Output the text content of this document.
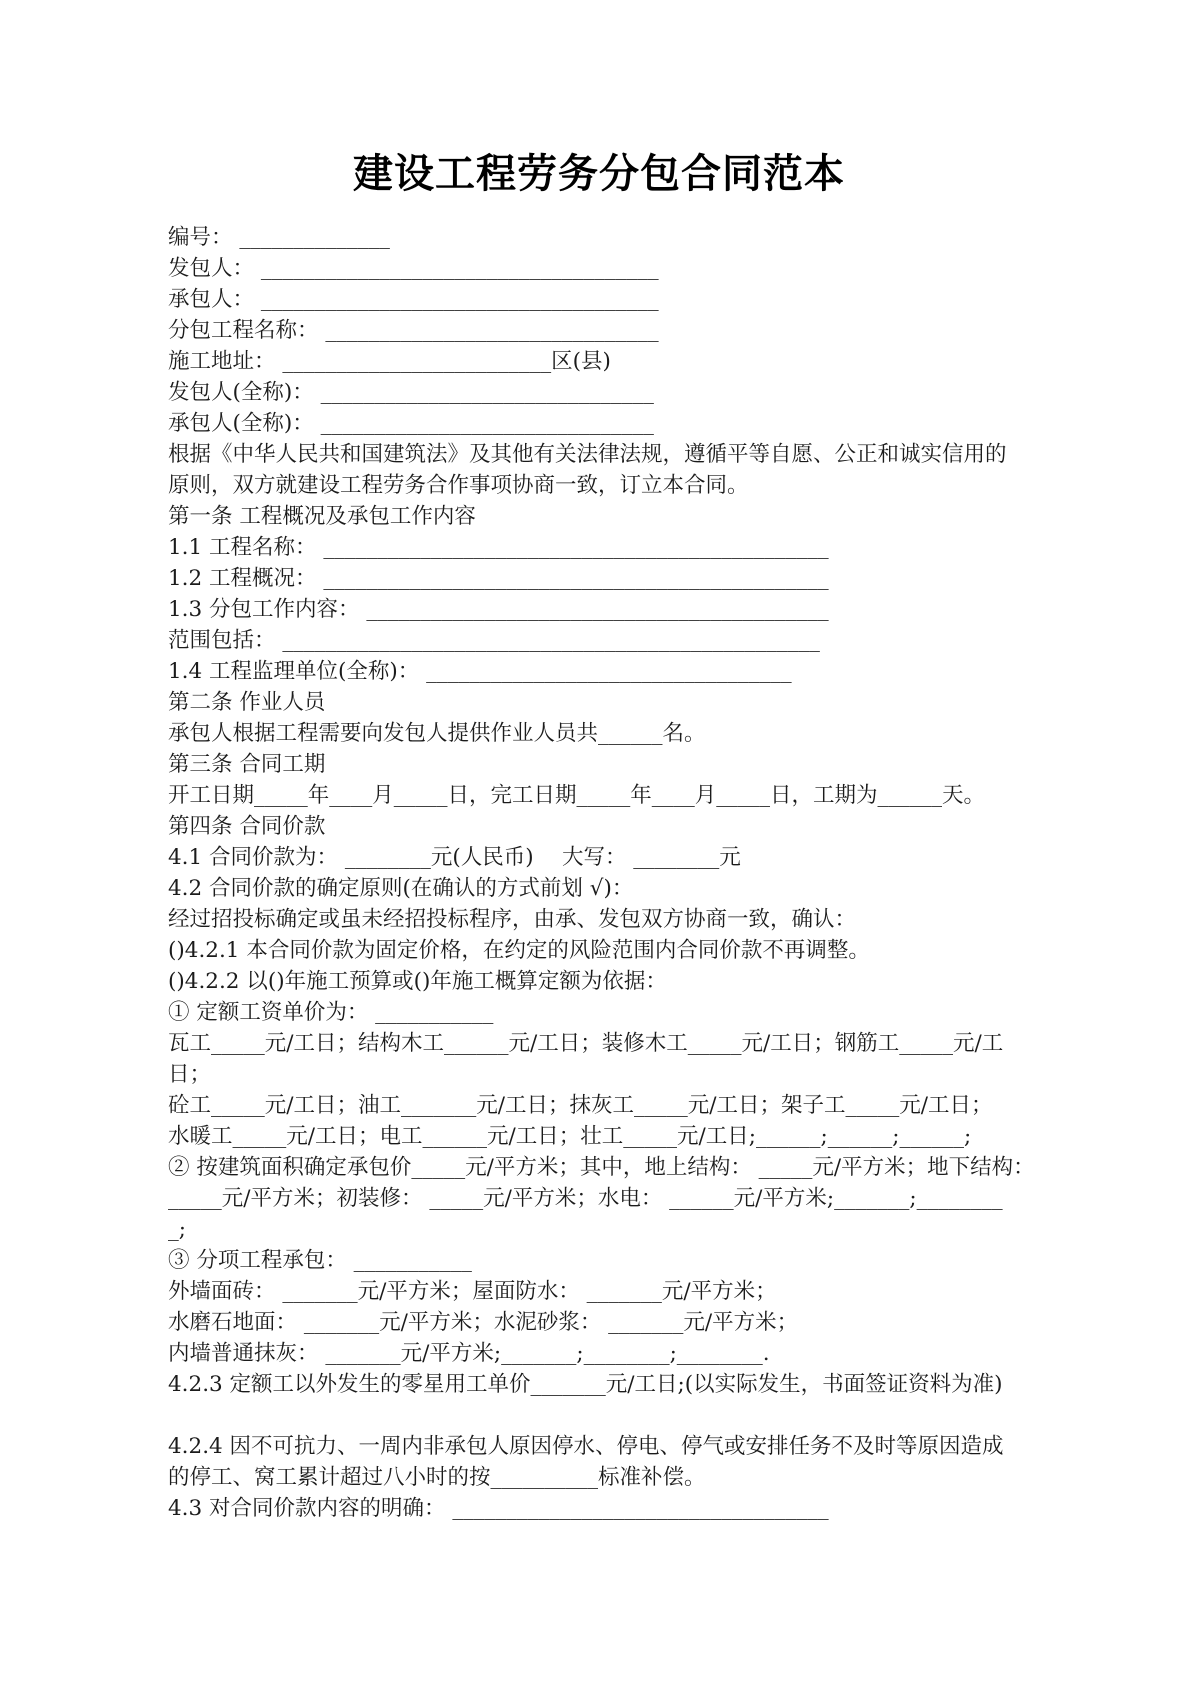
建设工程劳务分包合同范本
编号： ______________
发包人： _____________________________________
承包人： _____________________________________
分包工程名称： _______________________________
施工地址： _________________________区(县)
发包人(全称)： _______________________________
承包人(全称)： _______________________________
根据《中华人民共和国建筑法》及其他有关法律法规，遵循平等自愿、公正和诚实信用的
原则，双方就建设工程劳务合作事项协商一致，订立本合同。
第一条 工程概况及承包工作内容
1.1 工程名称： _______________________________________________
1.2 工程概况： _______________________________________________
1.3 分包工作内容： ___________________________________________
范围包括： __________________________________________________
1.4 工程监理单位(全称)： __________________________________
第二条 作业人员
承包人根据工程需要向发包人提供作业人员共______名。
第三条 合同工期
开工日期_____年____月_____日，完工日期_____年____月_____日，工期为______天。
第四条 合同价款
4.1 合同价款为： ________元(人民币)　 大写： ________元
4.2 合同价款的确定原则(在确认的方式前划 √)：
经过招投标确定或虽未经招投标程序，由承、发包双方协商一致，确认：
()4.2.1 本合同价款为固定价格，在约定的风险范围内合同价款不再调整。
()4.2.2 以()年施工预算或()年施工概算定额为依据：
① 定额工资单价为： ___________
瓦工_____元/工日；结构木工______元/工日；装修木工_____元/工日；钢筋工_____元/工
日；
砼工_____元/工日；油工_______元/工日；抹灰工_____元/工日；架子工_____元/工日；
水暖工_____元/工日；电工______元/工日；壮工_____元/工日;______;______;______;
② 按建筑面积确定承包价_____元/平方米；其中，地上结构： _____元/平方米；地下结构：
_____元/平方米；初装修： _____元/平方米；水电： ______元/平方米;_______;________
_;
③ 分项工程承包： ___________
外墙面砖： _______元/平方米；屋面防水： _______元/平方米；
水磨石地面： _______元/平方米；水泥砂浆： _______元/平方米；
内墙普通抹灰： _______元/平方米;_______;________;________.
4.2.3 定额工以外发生的零星用工单价_______元/工日;(以实际发生，书面签证资料为准)
4.2.4 因不可抗力、一周内非承包人原因停水、停电、停气或安排任务不及时等原因造成
的停工、窝工累计超过八小时的按__________标准补偿。
4.3 对合同价款内容的明确： ___________________________________
